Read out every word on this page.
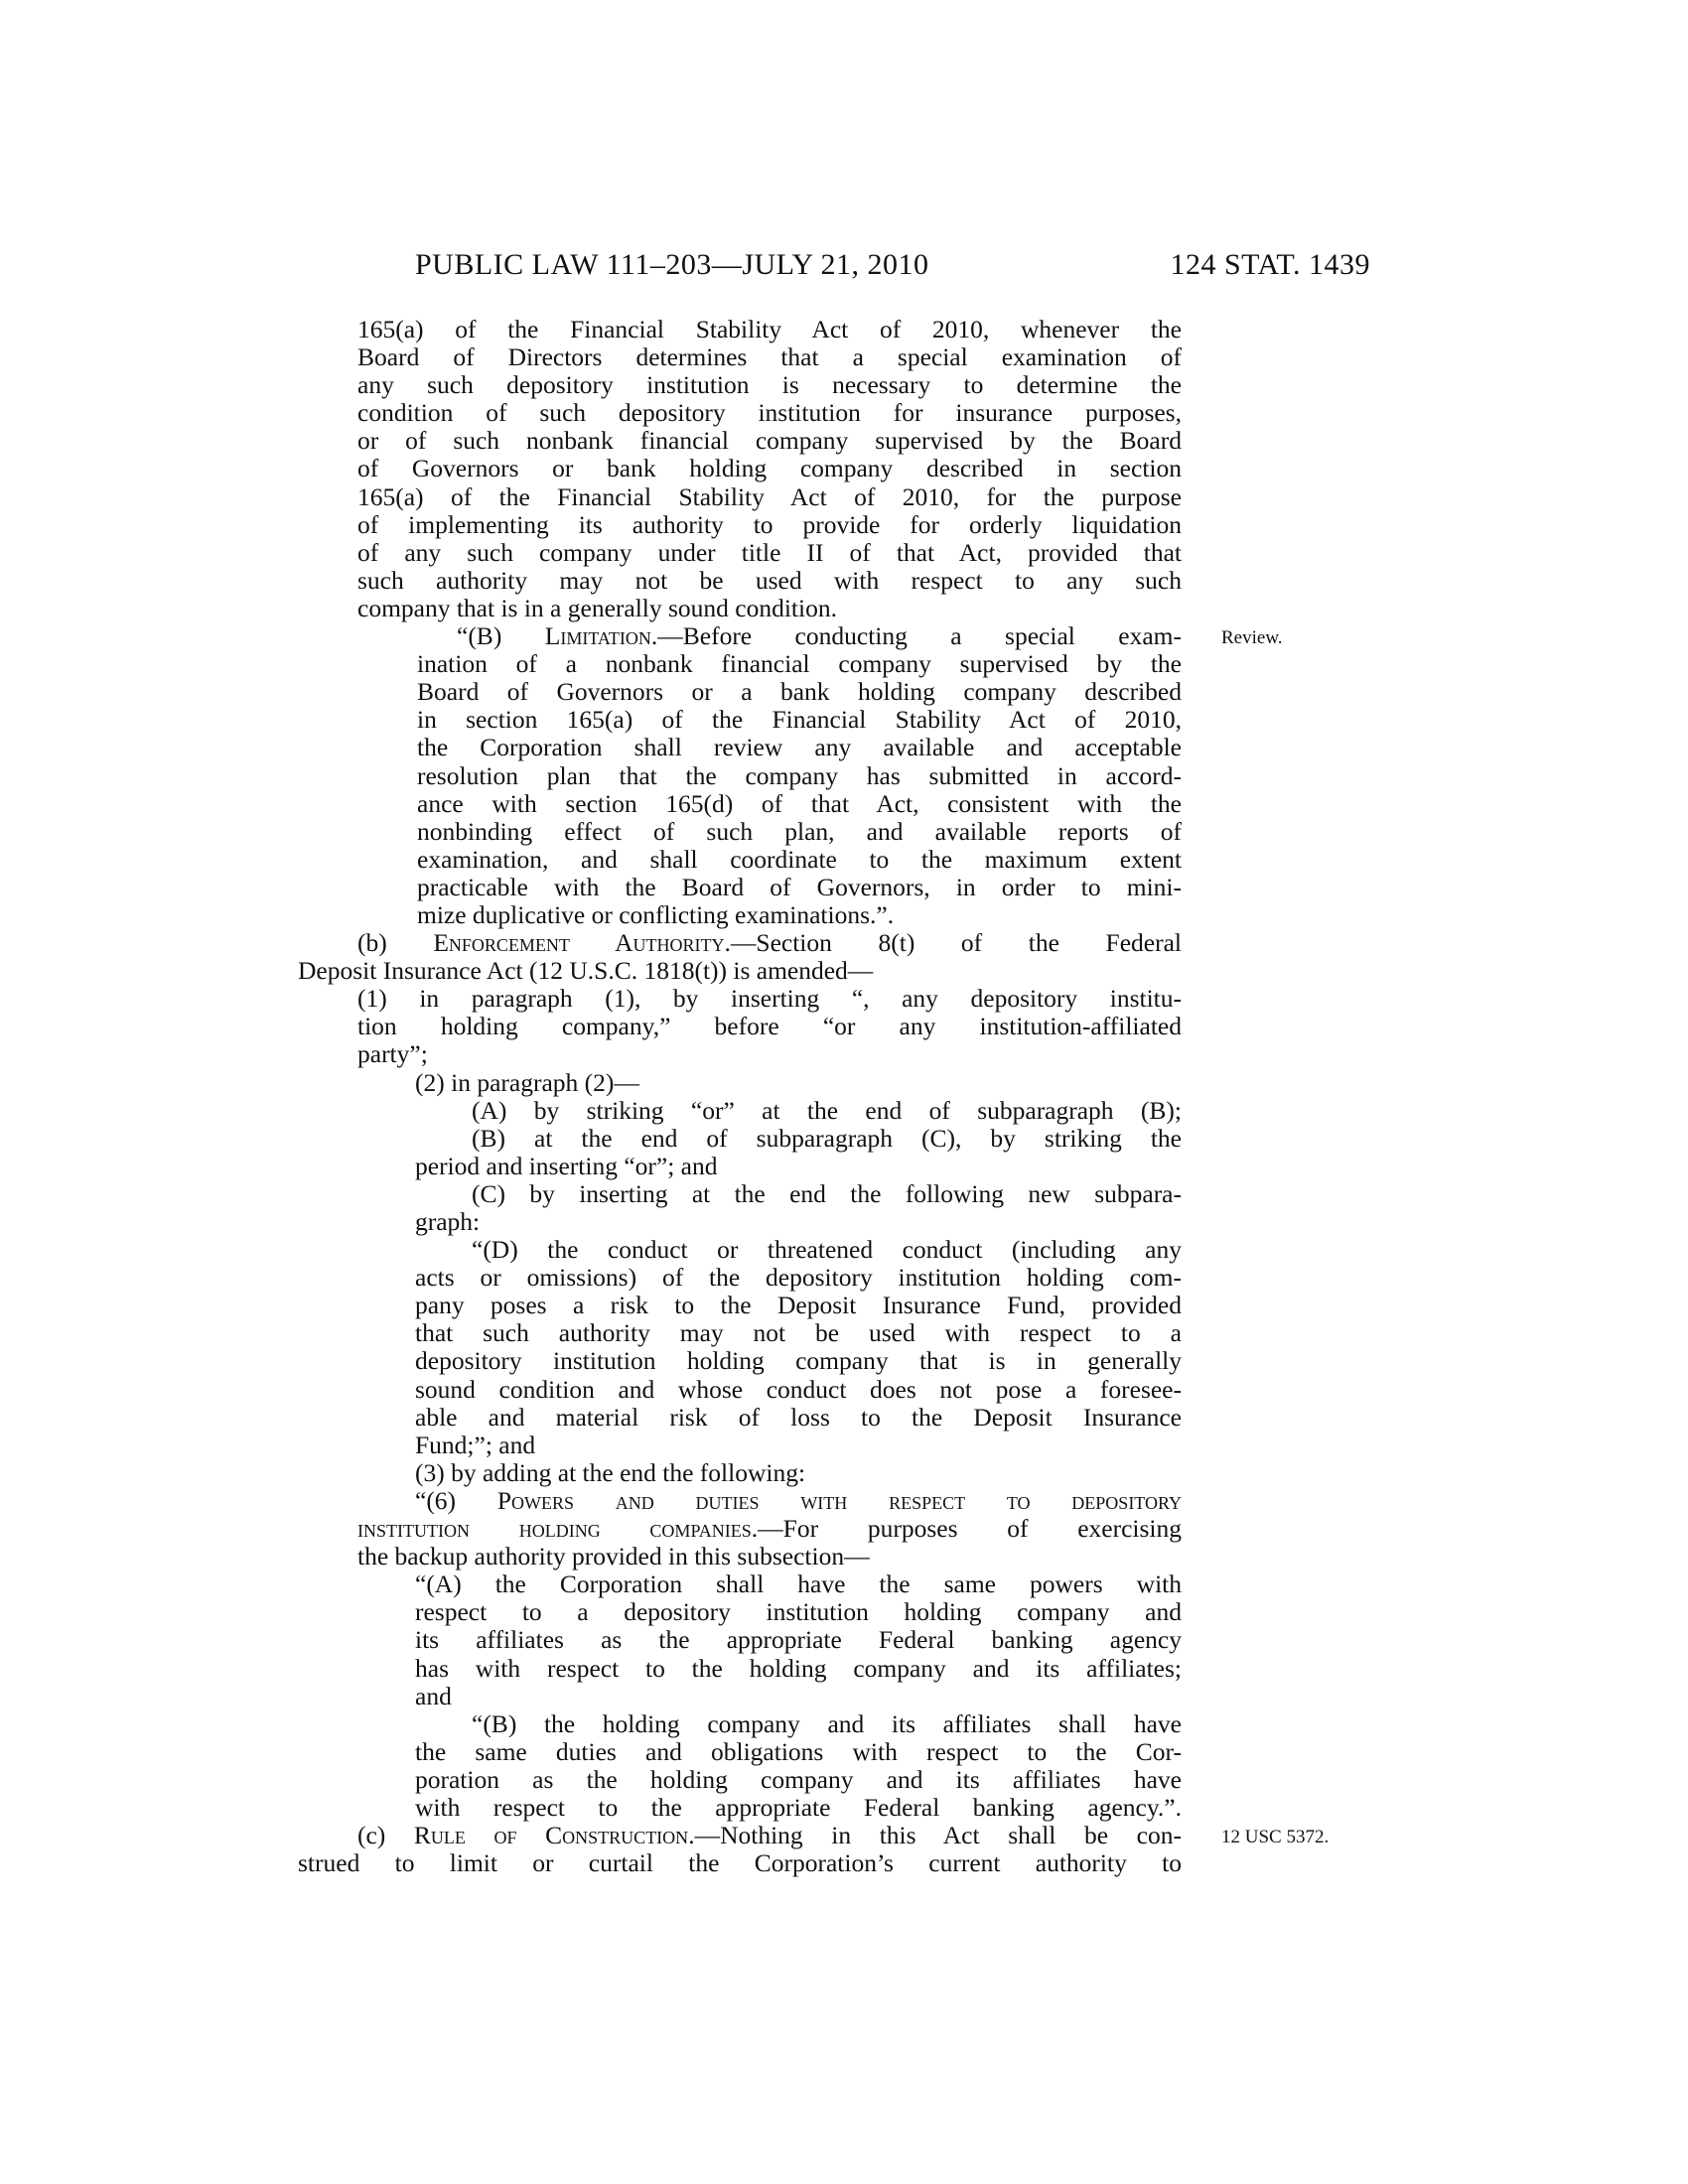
PUBLIC LAW 111–203—JULY 21, 2010	124 STAT. 1439
165(a) of the Financial Stability Act of 2010, whenever the
Board of Directors determines that a special examination of
any such depository institution is necessary to determine the
condition of such depository institution for insurance purposes,
or of such nonbank financial company supervised by the Board
of Governors or bank holding company described in section
165(a) of the Financial Stability Act of 2010, for the purpose
of implementing its authority to provide for orderly liquidation
of any such company under title II of that Act, provided that
such authority may not be used with respect to any such
company that is in a generally sound condition.
“(B) Limitation.—Before conducting a special exam-
ination of a nonbank financial company supervised by the
Board of Governors or a bank holding company described
in section 165(a) of the Financial Stability Act of 2010,
the Corporation shall review any available and acceptable
resolution plan that the company has submitted in accord-
ance with section 165(d) of that Act, consistent with the
nonbinding effect of such plan, and available reports of
examination, and shall coordinate to the maximum extent
practicable with the Board of Governors, in order to mini-
mize duplicative or conflicting examinations.”.
(b) Enforcement Authority.—Section 8(t) of the Federal
Deposit Insurance Act (12 U.S.C. 1818(t)) is amended—
(1) in paragraph (1), by inserting “, any depository institu-
tion holding company,” before “or any institution-affiliated
party”;
(2) in paragraph (2)—
(A) by striking “or” at the end of subparagraph (B);
(B) at the end of subparagraph (C), by striking the
period and inserting “or”; and
(C) by inserting at the end the following new subpara-
graph:
“(D) the conduct or threatened conduct (including any
acts or omissions) of the depository institution holding com-
pany poses a risk to the Deposit Insurance Fund, provided
that such authority may not be used with respect to a
depository institution holding company that is in generally
sound condition and whose conduct does not pose a foresee-
able and material risk of loss to the Deposit Insurance
Fund;”; and
(3) by adding at the end the following:
“(6) Powers and duties with respect to depository
institution holding companies.—For purposes of exercising
the backup authority provided in this subsection—
“(A) the Corporation shall have the same powers with
respect to a depository institution holding company and
its affiliates as the appropriate Federal banking agency
has with respect to the holding company and its affiliates;
and
“(B) the holding company and its affiliates shall have
the same duties and obligations with respect to the Cor-
poration as the holding company and its affiliates have
with respect to the appropriate Federal banking agency.”.
(c) Rule of Construction.—Nothing in this Act shall be con-
strued to limit or curtail the Corporation’s current authority to
Review.
12 USC 5372.
